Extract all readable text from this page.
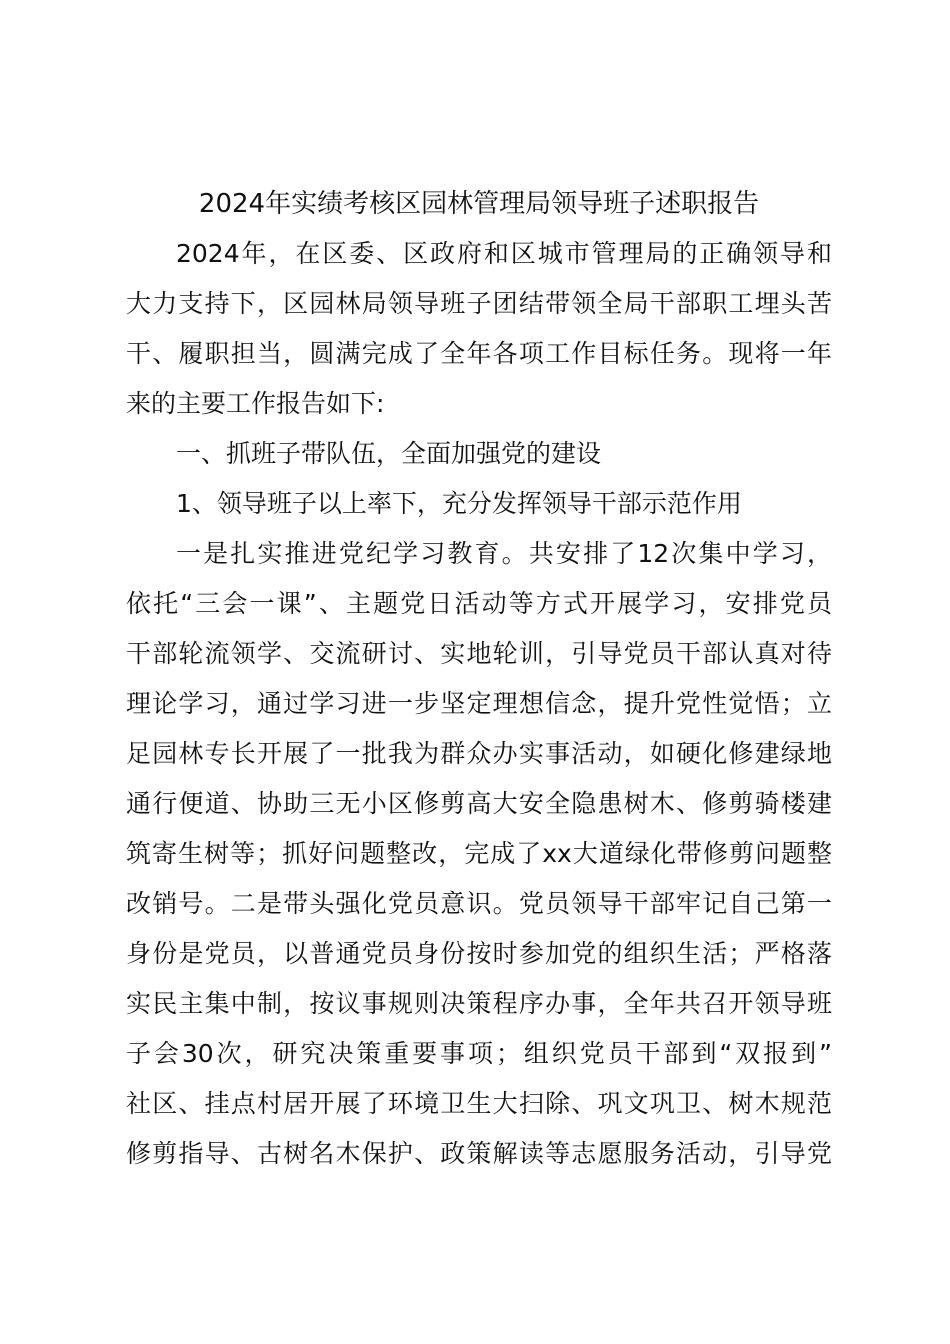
2024年实绩考核区园林管理局领导班子述职报告
2024年，在区委、区政府和区城市管理局的正确领导和
大力支持下，区园林局领导班子团结带领全局干部职工埋头苦
干、履职担当，圆满完成了全年各项工作目标任务。现将一年
来的主要工作报告如下:
一、抓班子带队伍，全面加强党的建设
1、领导班子以上率下，充分发挥领导干部示范作用
一是扎实推进党纪学习教育。共安排了12次集中学习，
依托“三会一课”、主题党日活动等方式开展学习，安排党员
干部轮流领学、交流研讨、实地轮训，引导党员干部认真对待
理论学习，通过学习进一步坚定理想信念，提升党性觉悟；立
足园林专长开展了一批我为群众办实事活动，如硬化修建绿地
通行便道、协助三无小区修剪高大安全隐患树木、修剪骑楼建
筑寄生树等；抓好问题整改，完成了xx大道绿化带修剪问题整
改销号。二是带头强化党员意识。党员领导干部牢记自己第一
身份是党员，以普通党员身份按时参加党的组织生活；严格落
实民主集中制，按议事规则决策程序办事，全年共召开领导班
子会30次，研究决策重要事项；组织党员干部到“双报到”
社区、挂点村居开展了环境卫生大扫除、巩文巩卫、树木规范
修剪指导、古树名木保护、政策解读等志愿服务活动，引导党
